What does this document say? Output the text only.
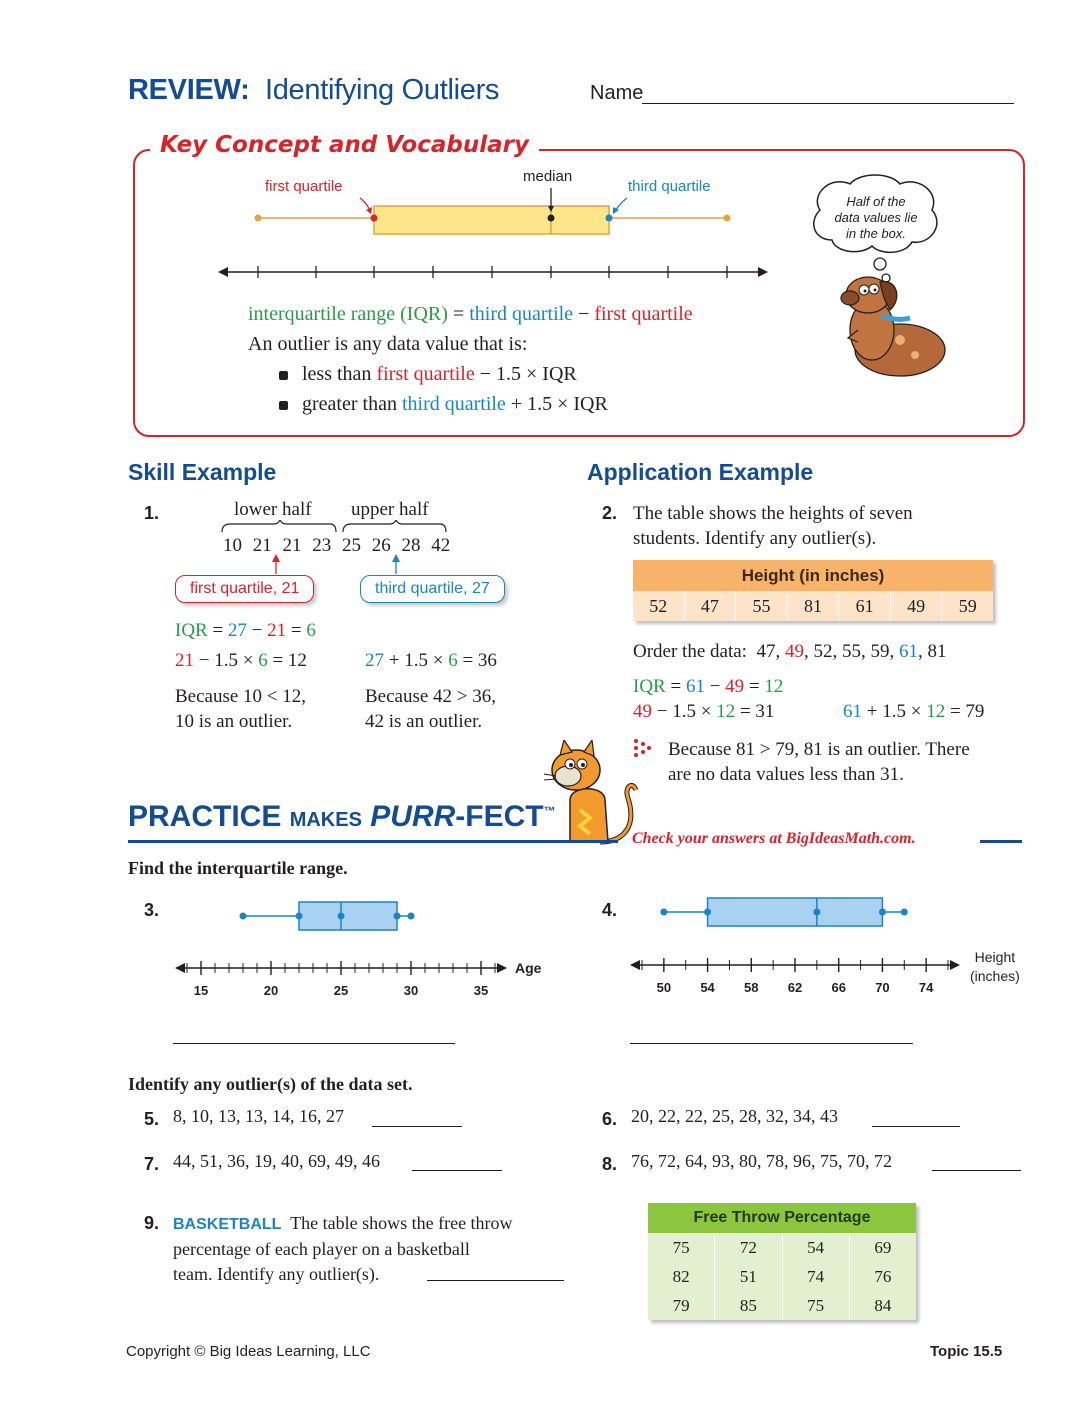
REVIEW: Identifying Outliers	Name
Key Concept and Vocabulary
first quartile
median
third quartile
Half of the
data values lie
in the box.
interquartile range (IQR) = third quartile − first quartile
An outlier is any data value that is:
less than first quartile − 1.5 × IQR
greater than third quartile + 1.5 × IQR
Skill Example
1.	lower half upper half
10 21 21 23 25 26 28 42
first quartile, 21	third quartile, 27
IQR = 27 − 21 = 6
21 − 1.5 × 6 = 12	27 + 1.5 × 6 = 36
Because 10 < 12,
10 is an outlier.
Because 42 > 36,
42 is an outlier.
Application Example
2. The table shows the heights of seven
students. Identify any outlier(s).
Height (in inches)
52	47	55	81	61	49	59
Order the data: 47, 49, 52, 55, 59, 61, 81
IQR = 61 − 49 = 12
49 − 1.5 × 12 = 31	61 + 1.5 × 12 = 79
Because 81 > 79, 81 is an outlier. There
are no data values less than 31.
PRACTICE MAKES PURR-FECT™
Check your answers at BigIdeasMath.com.
Find the interquartile range.
3.
15	20	25	30	35
Age
4.
50 54 58 62 66 70 74
Height
(inches)
Identify any outlier(s) of the data set.
5. 8, 10, 13, 13, 14, 16, 27	6. 20, 22, 22, 25, 28, 32, 34, 43
7. 44, 51, 36, 19, 40, 69, 49, 46	8. 76, 72, 64, 93, 80, 78, 96, 75, 70, 72
9. BASKETBALL The table shows the free throw
percentage of each player on a basketball
team. Identify any outlier(s).
Free Throw Percentage
75	72	54	69
82	51	74	76
79	85	75	84
Copyright © Big Ideas Learning, LLC	Topic 15.5
